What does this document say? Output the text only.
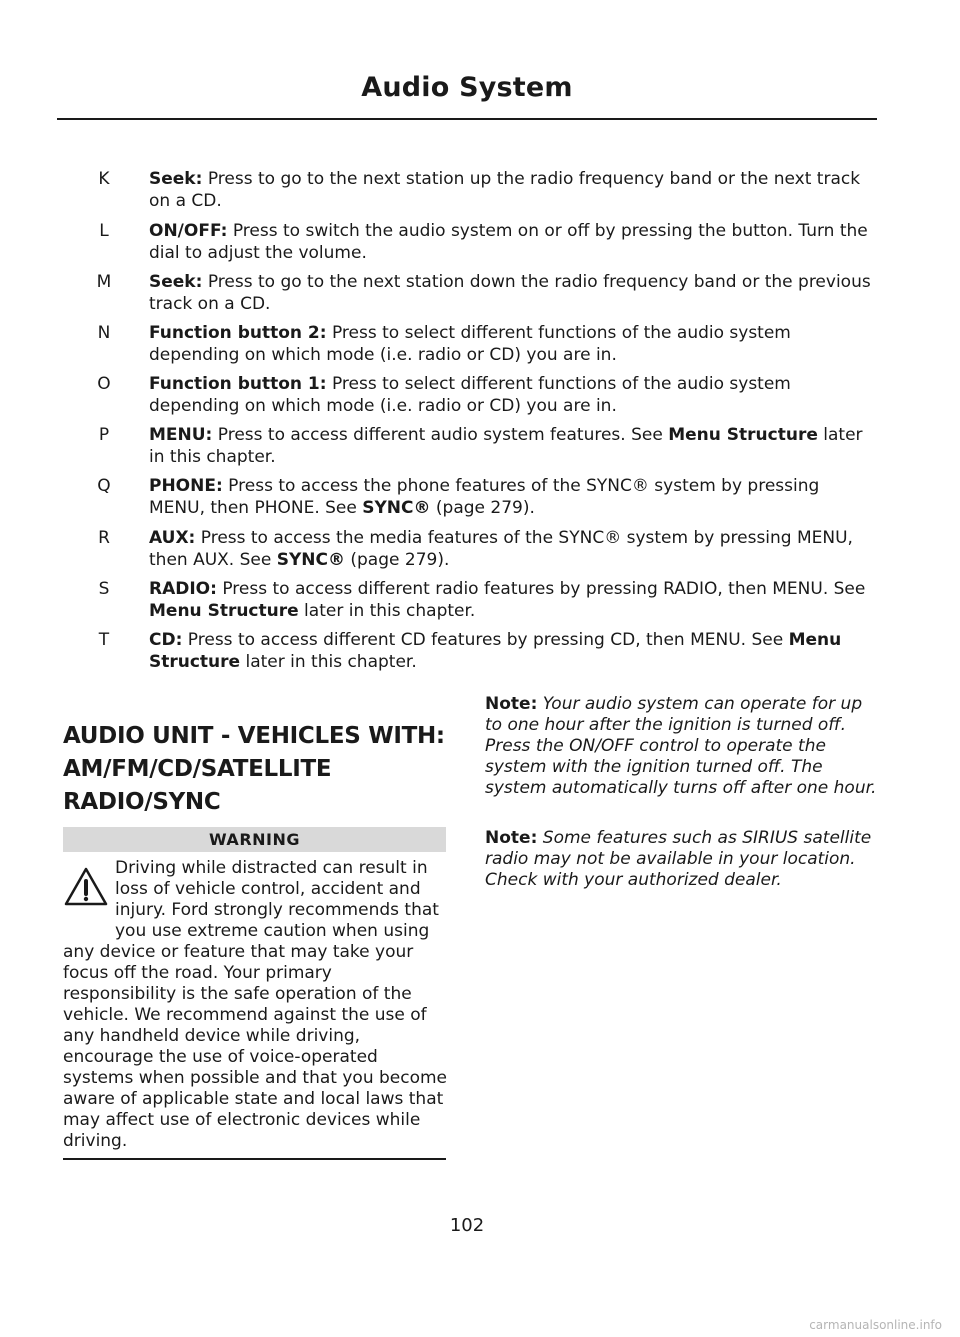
Audio System
K	Seek: Press to go to the next station up the radio frequency band or the next track on a CD.
L	ON/OFF: Press to switch the audio system on or off by pressing the button. Turn the dial to adjust the volume.
M Seek: Press to go to the next station down the radio frequency band or the previous track on a CD.
N	Function button 2: Press to select different functions of the audio system depending on which mode (i.e. radio or CD) you are in.
O	Function button 1: Press to select different functions of the audio system depending on which mode (i.e. radio or CD) you are in.
P	MENU: Press to access different audio system features. See Menu Structure later in this chapter.
Q	PHONE: Press to access the phone features of the SYNC® system by pressing MENU, then PHONE. See SYNC® (page 279).
R	AUX: Press to access the media features of the SYNC® system by pressing MENU, then AUX. See SYNC® (page 279).
S	RADIO: Press to access different radio features by pressing RADIO, then MENU. See Menu Structure later in this chapter.
T	CD: Press to access different CD features by pressing CD, then MENU. See Menu Structure later in this chapter.
AUDIO UNIT - VEHICLES WITH:
AM/FM/CD/SATELLITE
RADIO/SYNC
WARNING
Driving while distracted can result in loss of vehicle control, accident and injury. Ford strongly recommends that you use extreme caution when using any device or feature that may take your focus off the road. Your primary responsibility is the safe operation of the vehicle. We recommend against the use of any handheld device while driving, encourage the use of voice-operated systems when possible and that you become aware of applicable state and local laws that may affect use of electronic devices while driving.
Note: Your audio system can operate for up to one hour after the ignition is turned off. Press the ON/OFF control to operate the system with the ignition turned off. The system automatically turns off after one hour.
Note: Some features such as SIRIUS satellite radio may not be available in your location. Check with your authorized dealer.
102
carmanualsonline.info
